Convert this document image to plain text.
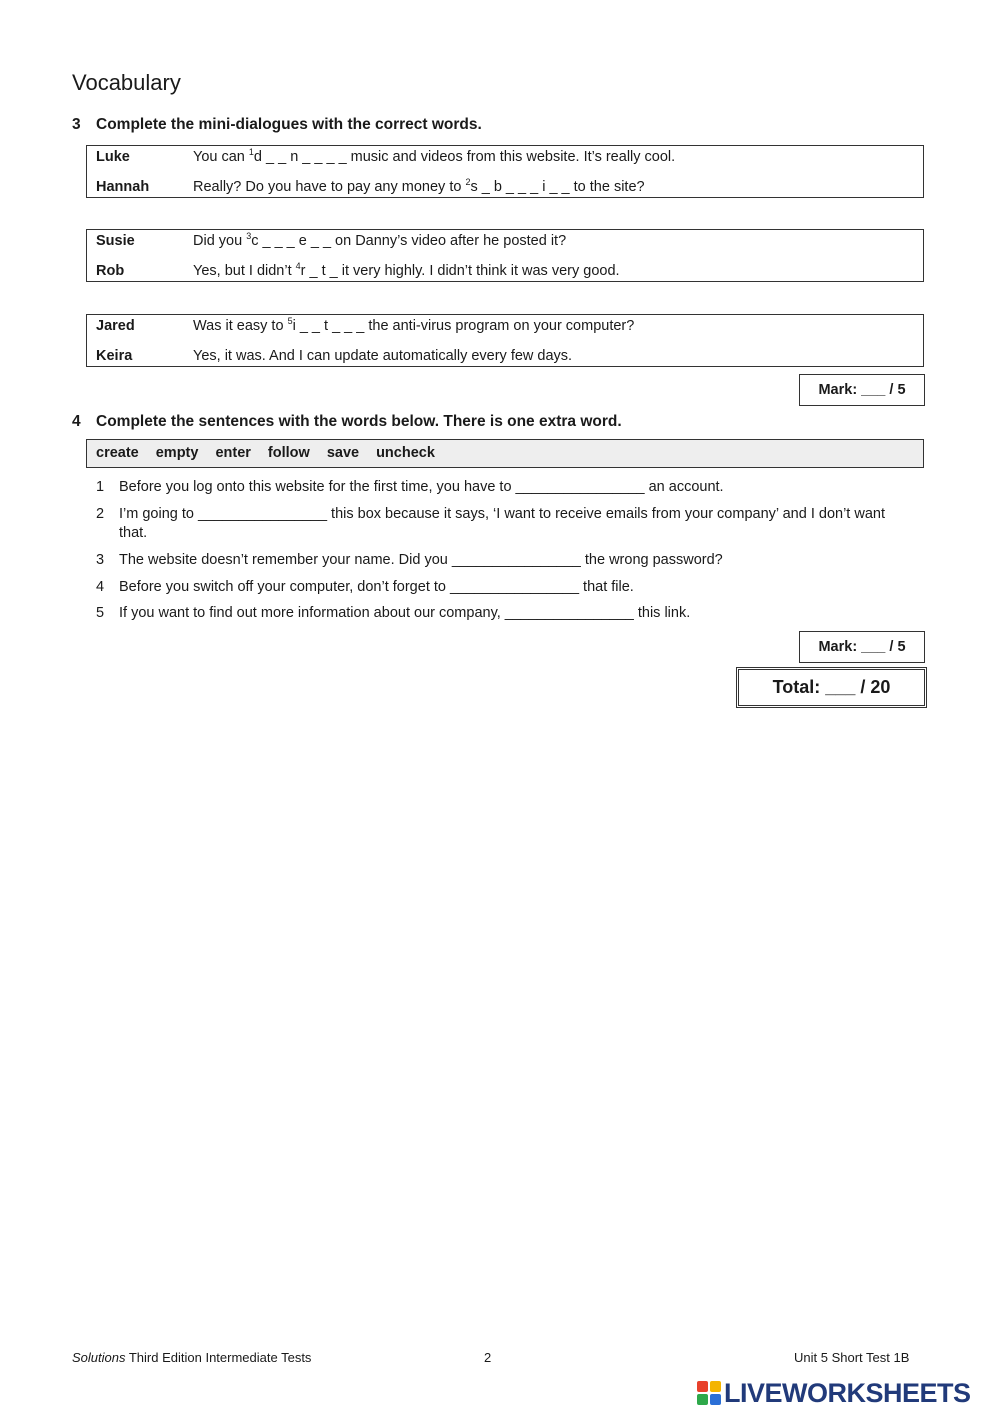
Vocabulary
3 Complete the mini-dialogues with the correct words.
Luke	You can $^1$d _ _ n _ _ _ _ music and videos from this website. It’s really cool.
Hannah	Really? Do you have to pay any money to $^2$s _ b _ _ _ i _ _ to the site?
Susie	Did you $^3$c _ _ _ e _ _ on Danny’s video after he posted it?
Rob	Yes, but I didn’t $^4$r _ t _ it very highly. I didn’t think it was very good.
Jared	Was it easy to $^5$i _ _ t _ _ _ the anti-virus program on your computer?
Keira	Yes, it was. And I can update automatically every few days.
Mark: ___ / 5
4 Complete the sentences with the words below. There is one extra word.
create empty enter follow save uncheck
1 Before you log onto this website for the first time, you have to ________________ an account.
2 I’m going to ________________ this box because it says, ‘I want to receive emails from your company’ and I don’t want that.
3 The website doesn’t remember your name. Did you ________________ the wrong password?
4 Before you switch off your computer, don’t forget to ________________ that file.
5 If you want to find out more information about our company, ________________ this link.
Mark: ___ / 5
Total: ___ / 20
Solutions Third Edition Intermediate Tests	2	Unit 5 Short Test 1B
LIVEWORKSHEETS
